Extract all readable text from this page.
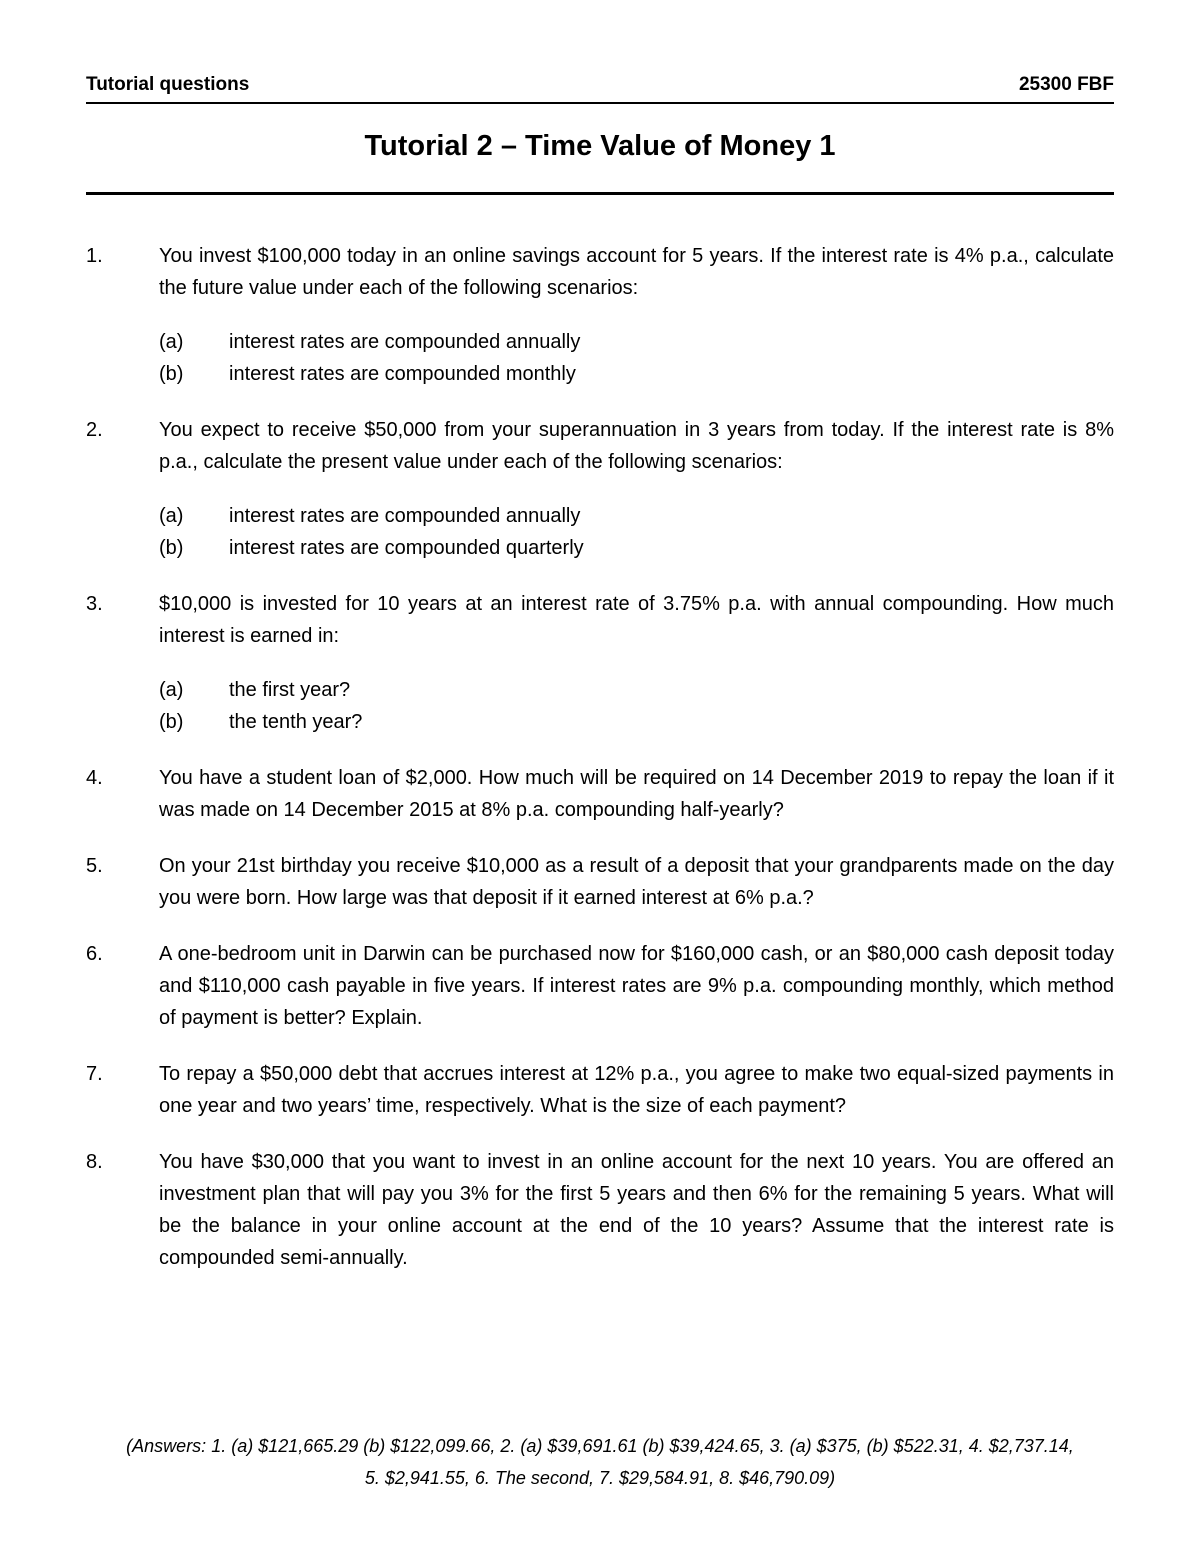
Tutorial questions	25300 FBF
Tutorial 2 – Time Value of Money 1
1.	You invest $100,000 today in an online savings account for 5 years. If the interest rate is 4% p.a., calculate the future value under each of the following scenarios:

(a)	interest rates are compounded annually
(b)	interest rates are compounded monthly
2.	You expect to receive $50,000 from your superannuation in 3 years from today. If the interest rate is 8% p.a., calculate the present value under each of the following scenarios:

(a)	interest rates are compounded annually
(b)	interest rates are compounded quarterly
3.	$10,000 is invested for 10 years at an interest rate of 3.75% p.a. with annual compounding. How much interest is earned in:

(a)	the first year?
(b)	the tenth year?
4.	You have a student loan of $2,000. How much will be required on 14 December 2019 to repay the loan if it was made on 14 December 2015 at 8% p.a. compounding half-yearly?

5.	On your 21st birthday you receive $10,000 as a result of a deposit that your grandparents made on the day you were born. How large was that deposit if it earned interest at 6% p.a.?

6.	A one-bedroom unit in Darwin can be purchased now for $160,000 cash, or an $80,000 cash deposit today and $110,000 cash payable in five years. If interest rates are 9% p.a. compounding monthly, which method of payment is better? Explain.

7.	To repay a $50,000 debt that accrues interest at 12% p.a., you agree to make two equal-sized payments in one year and two years’ time, respectively. What is the size of each payment?

8.	You have $30,000 that you want to invest in an online account for the next 10 years. You are offered an investment plan that will pay you 3% for the first 5 years and then 6% for the remaining 5 years. What will be the balance in your online account at the end of the 10 years? Assume that the interest rate is compounded semi-annually.

(Answers: 1. (a) $121,665.29 (b) $122,099.66, 2. (a) $39,691.61 (b) $39,424.65, 3. (a) $375, (b) $522.31, 4. $2,737.14,

5. $2,941.55, 6. The second, 7. $29,584.91, 8. $46,790.09)
